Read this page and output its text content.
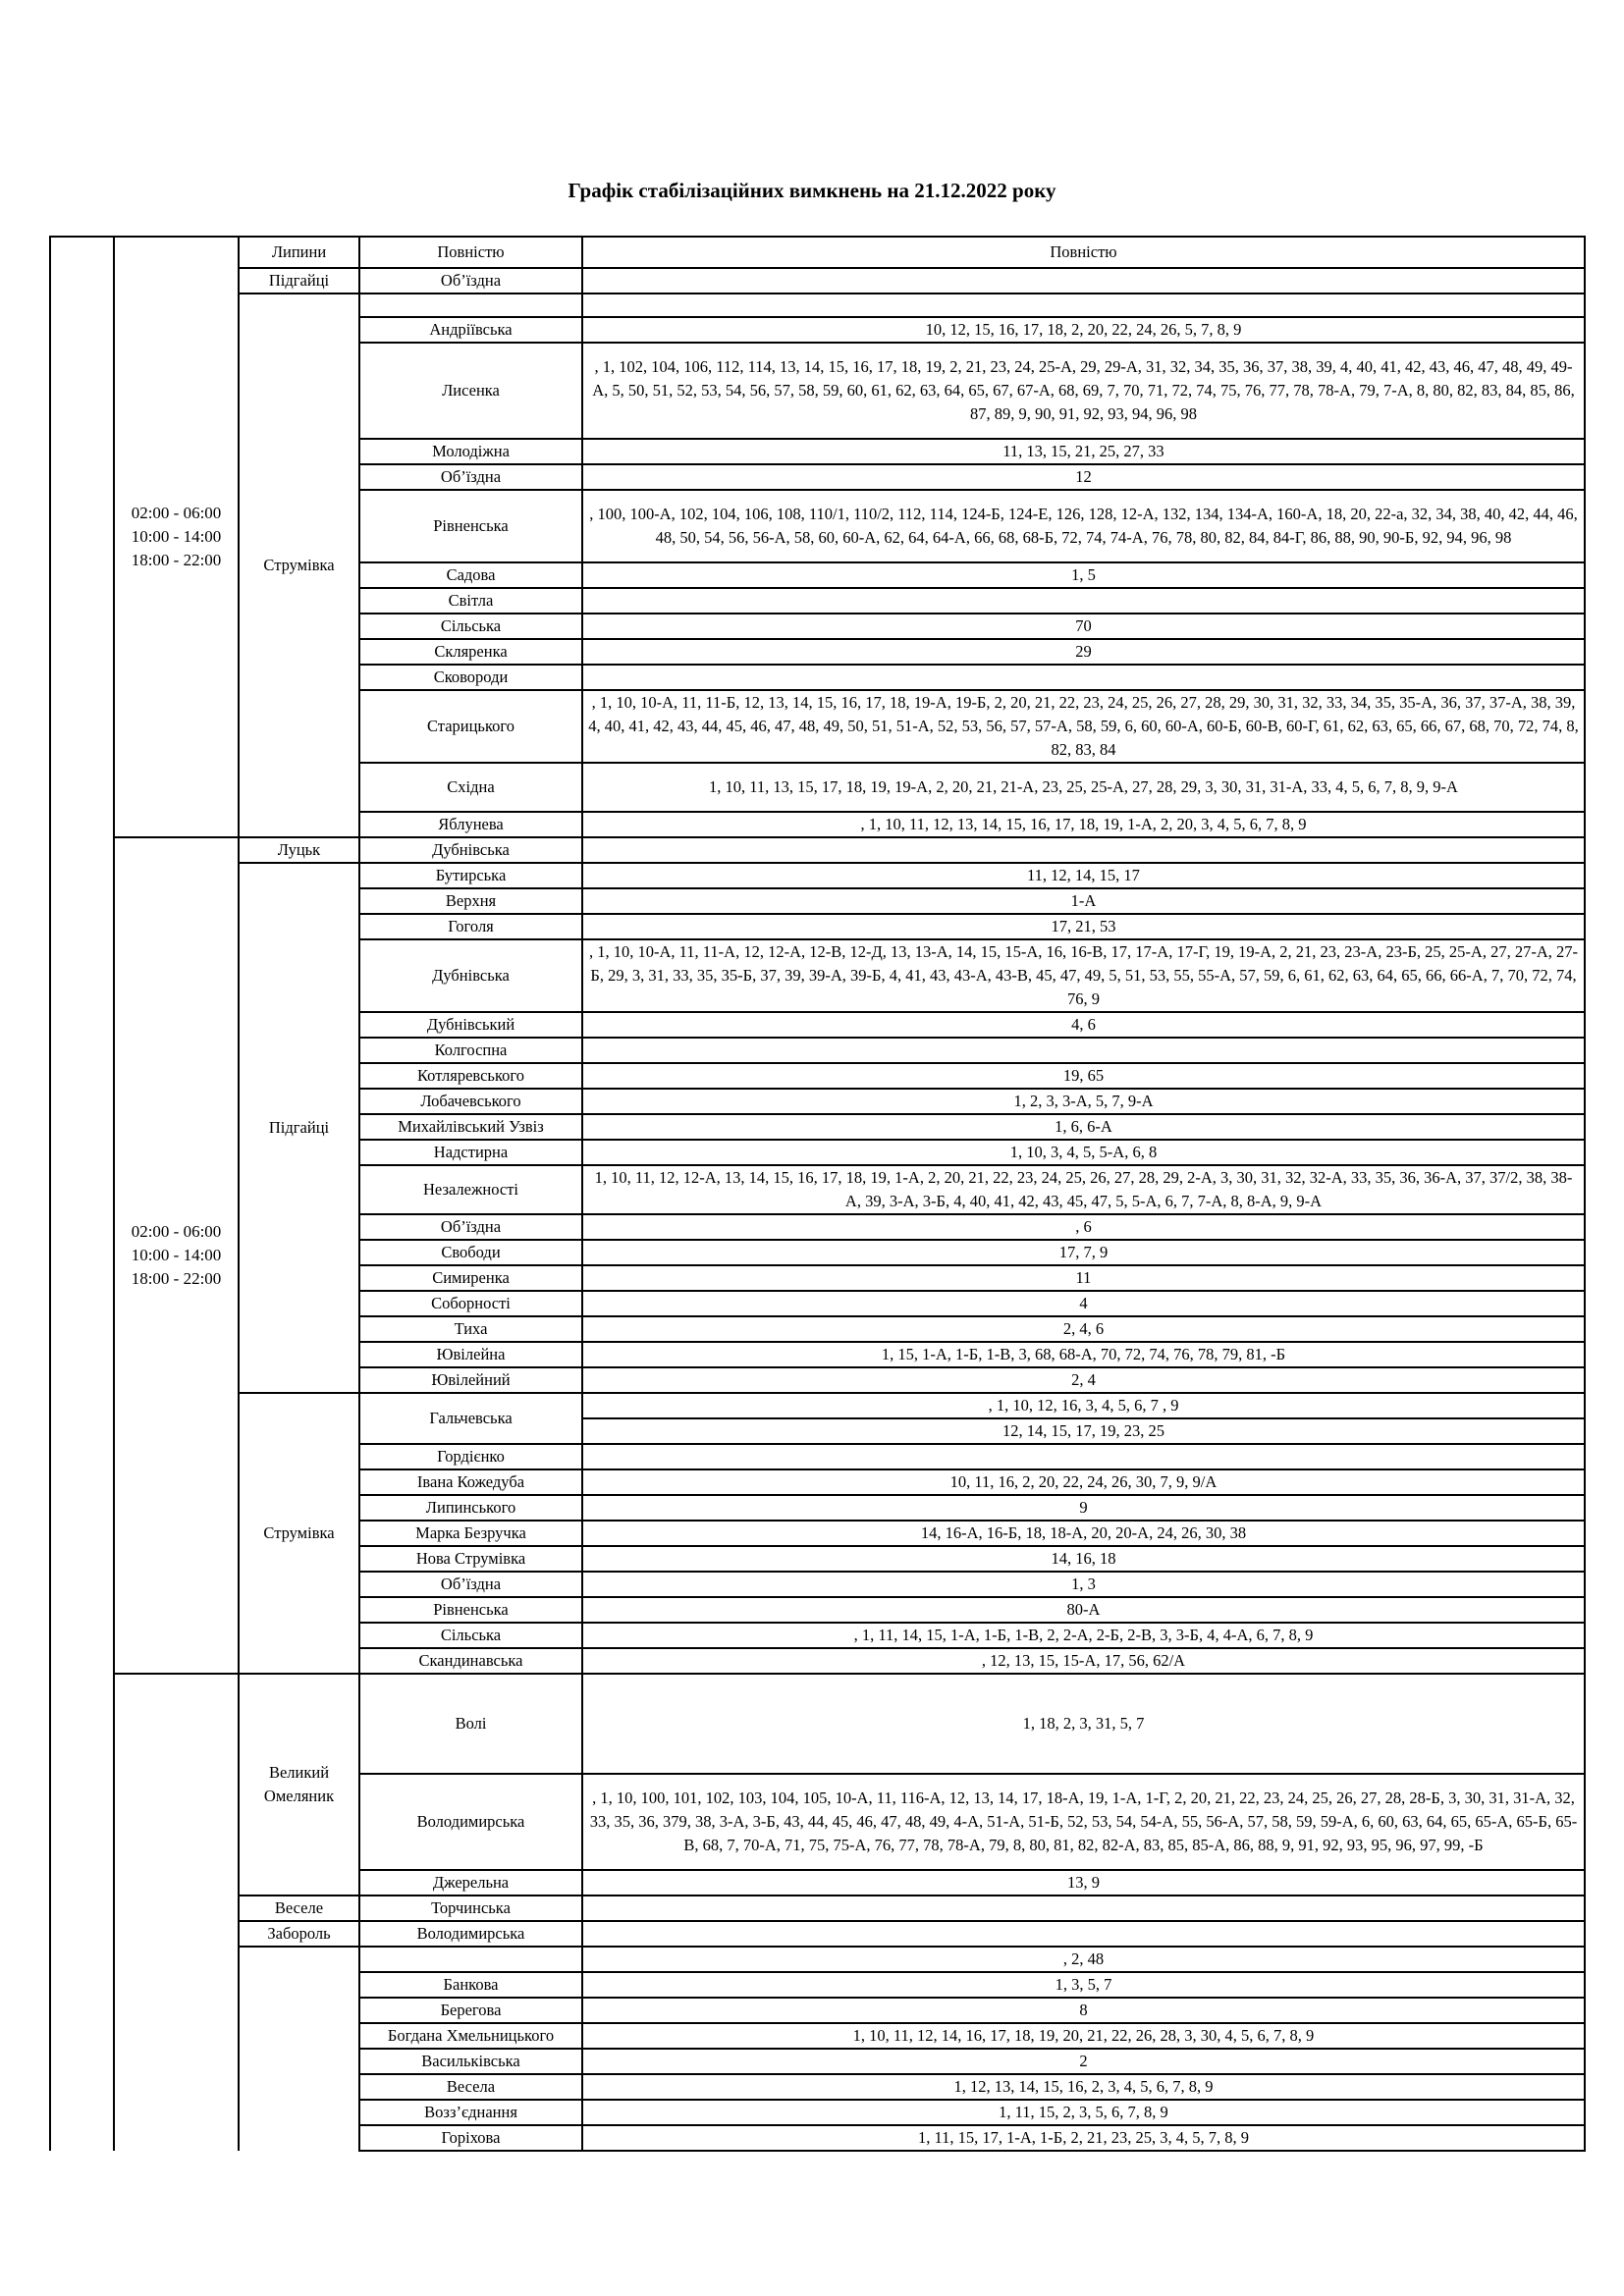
Графік стабілізаційних вимкнень на 21.12.2022 року

	02:00 - 06:00
10:00 - 14:00
18:00 - 22:00	Липини	Повністю	Повністю
		Підгайці	Об’їздна	
		Струмівка		
			Андріївська	10, 12, 15, 16, 17, 18, 2, 20, 22, 24, 26, 5, 7, 8, 9
			Лисенка	, 1, 102, 104, 106, 112, 114, 13, 14, 15, 16, 17, 18, 19, 2, 21, 23, 24, 25-А, 29, 29-А, 31, 32, 34, 35, 36, 37, 38, 39, 4, 40, 41, 42, 43, 46, 47, 48, 49, 49-А, 5, 50, 51, 52, 53, 54, 56, 57, 58, 59, 60, 61, 62, 63, 64, 65, 67, 67-А, 68, 69, 7, 70, 71, 72, 74, 75, 76, 77, 78, 78-А, 79, 7-А, 8, 80, 82, 83, 84, 85, 86, 87, 89, 9, 90, 91, 92, 93, 94, 96, 98
			Молодіжна	11, 13, 15, 21, 25, 27, 33
			Об’їздна	12
			Рівненська	, 100, 100-А, 102, 104, 106, 108, 110/1, 110/2, 112, 114, 124-Б, 124-Е, 126, 128, 12-А, 132, 134, 134-А, 160-А, 18, 20, 22-а, 32, 34, 38, 40, 42, 44, 46, 48, 50, 54, 56, 56-А, 58, 60, 60-А, 62, 64, 64-А, 66, 68, 68-Б, 72, 74, 74-А, 76, 78, 80, 82, 84, 84-Г, 86, 88, 90, 90-Б, 92, 94, 96, 98
			Садова	1, 5
			Світла	
			Сільська	70
			Скляренка	29
			Сковороди	
			Старицького	, 1, 10, 10-А, 11, 11-Б, 12, 13, 14, 15, 16, 17, 18, 19-А, 19-Б, 2, 20, 21, 22, 23, 24, 25, 26, 27, 28, 29, 30, 31, 32, 33, 34, 35, 35-А, 36, 37, 37-А, 38, 39, 4, 40, 41, 42, 43, 44, 45, 46, 47, 48, 49, 50, 51, 51-А, 52, 53, 56, 57, 57-А, 58, 59, 6, 60, 60-А, 60-Б, 60-В, 60-Г, 61, 62, 63, 65, 66, 67, 68, 70, 72, 74, 8, 82, 83, 84
			Східна	1, 10, 11, 13, 15, 17, 18, 19, 19-А, 2, 20, 21, 21-А, 23, 25, 25-А, 27, 28, 29, 3, 30, 31, 31-А, 33, 4, 5, 6, 7, 8, 9, 9-А
			Яблунева	, 1, 10, 11, 12, 13, 14, 15, 16, 17, 18, 19, 1-А, 2, 20, 3, 4, 5, 6, 7, 8, 9

	02:00 - 06:00
10:00 - 14:00
18:00 - 22:00	Луцьк	Дубнівська	
		Підгайці	Бутирська	11, 12, 14, 15, 17
			Верхня	1-А
			Гоголя	17, 21, 53
			Дубнівська	, 1, 10, 10-А, 11, 11-А, 12, 12-А, 12-В, 12-Д, 13, 13-А, 14, 15, 15-А, 16, 16-В, 17, 17-А, 17-Г, 19, 19-А, 2, 21, 23, 23-А, 23-Б, 25, 25-А, 27, 27-А, 27-Б, 29, 3, 31, 33, 35, 35-Б, 37, 39, 39-А, 39-Б, 4, 41, 43, 43-А, 43-В, 45, 47, 49, 5, 51, 53, 55, 55-А, 57, 59, 6, 61, 62, 63, 64, 65, 66, 66-А, 7, 70, 72, 74, 76, 9
			Дубнівський	4, 6
			Колгоспна	
			Котляревського	19, 65
			Лобачевського	1, 2, 3, 3-А, 5, 7, 9-А
			Михайлівський Узвіз	1, 6, 6-А
			Надстирна	1, 10, 3, 4, 5, 5-А, 6, 8
			Незалежності	1, 10, 11, 12, 12-А, 13, 14, 15, 16, 17, 18, 19, 1-А, 2, 20, 21, 22, 23, 24, 25, 26, 27, 28, 29, 2-А, 3, 30, 31, 32, 32-А, 33, 35, 36, 36-А, 37, 37/2, 38, 38-А, 39, 3-А, 3-Б, 4, 40, 41, 42, 43, 45, 47, 5, 5-А, 6, 7, 7-А, 8, 8-А, 9, 9-А
			Об’їздна	, 6
			Свободи	17, 7, 9
			Симиренка	11
			Соборності	4
			Тиха	2, 4, 6
			Ювілейна	1, 15, 1-А, 1-Б, 1-В, 3, 68, 68-А, 70, 72, 74, 76, 78, 79, 81, -Б
			Ювілейний	2, 4
		Струмівка	Гальчевська	, 1, 10, 12, 16, 3, 4, 5, 6, 7 , 9
				12, 14, 15, 17, 19, 23, 25
			Гордієнко	
			Івана Кожедуба	10, 11, 16, 2, 20, 22, 24, 26, 30, 7, 9, 9/А
			Липинського	9
			Марка Безручка	14, 16-А, 16-Б, 18, 18-А, 20, 20-А, 24, 26, 30, 38
			Нова Струмівка	14, 16, 18
			Об’їздна	1, 3
			Рівненська	80-А
			Сільська	, 1, 11, 14, 15, 1-А, 1-Б, 1-В, 2, 2-А, 2-Б, 2-В, 3, 3-Б, 4, 4-А, 6, 7, 8, 9
			Скандинавська	, 12, 13, 15, 15-А, 17, 56, 62/А
		Великий Омеляник	Волі	1, 18, 2, 3, 31, 5, 7
			Володимирська	, 1, 10, 100, 101, 102, 103, 104, 105, 10-А, 11, 116-А, 12, 13, 14, 17, 18-А, 19, 1-А, 1-Г, 2, 20, 21, 22, 23, 24, 25, 26, 27, 28, 28-Б, 3, 30, 31, 31-А, 32, 33, 35, 36, 379, 38, 3-А, 3-Б, 43, 44, 45, 46, 47, 48, 49, 4-А, 51-А, 51-Б, 52, 53, 54, 54-А, 55, 56-А, 57, 58, 59, 59-А, 6, 60, 63, 64, 65, 65-А, 65-Б, 65-В, 68, 7, 70-А, 71, 75, 75-А, 76, 77, 78, 78-А, 79, 8, 80, 81, 82, 82-А, 83, 85, 85-А, 86, 88, 9, 91, 92, 93, 95, 96, 97, 99, -Б
			Джерельна	13, 9
		Веселе	Торчинська	
		Забороль	Володимирська	
				, 2, 48
			Банкова	1, 3, 5, 7
			Берегова	8
			Богдана Хмельницького	1, 10, 11, 12, 14, 16, 17, 18, 19, 20, 21, 22, 26, 28, 3, 30, 4, 5, 6, 7, 8, 9
			Васильківська	2
			Весела	1, 12, 13, 14, 15, 16, 2, 3, 4, 5, 6, 7, 8, 9
			Возз’єднання	1, 11, 15, 2, 3, 5, 6, 7, 8, 9
			Горіхова	1, 11, 15, 17, 1-А, 1-Б, 2, 21, 23, 25, 3, 4, 5, 7, 8, 9
